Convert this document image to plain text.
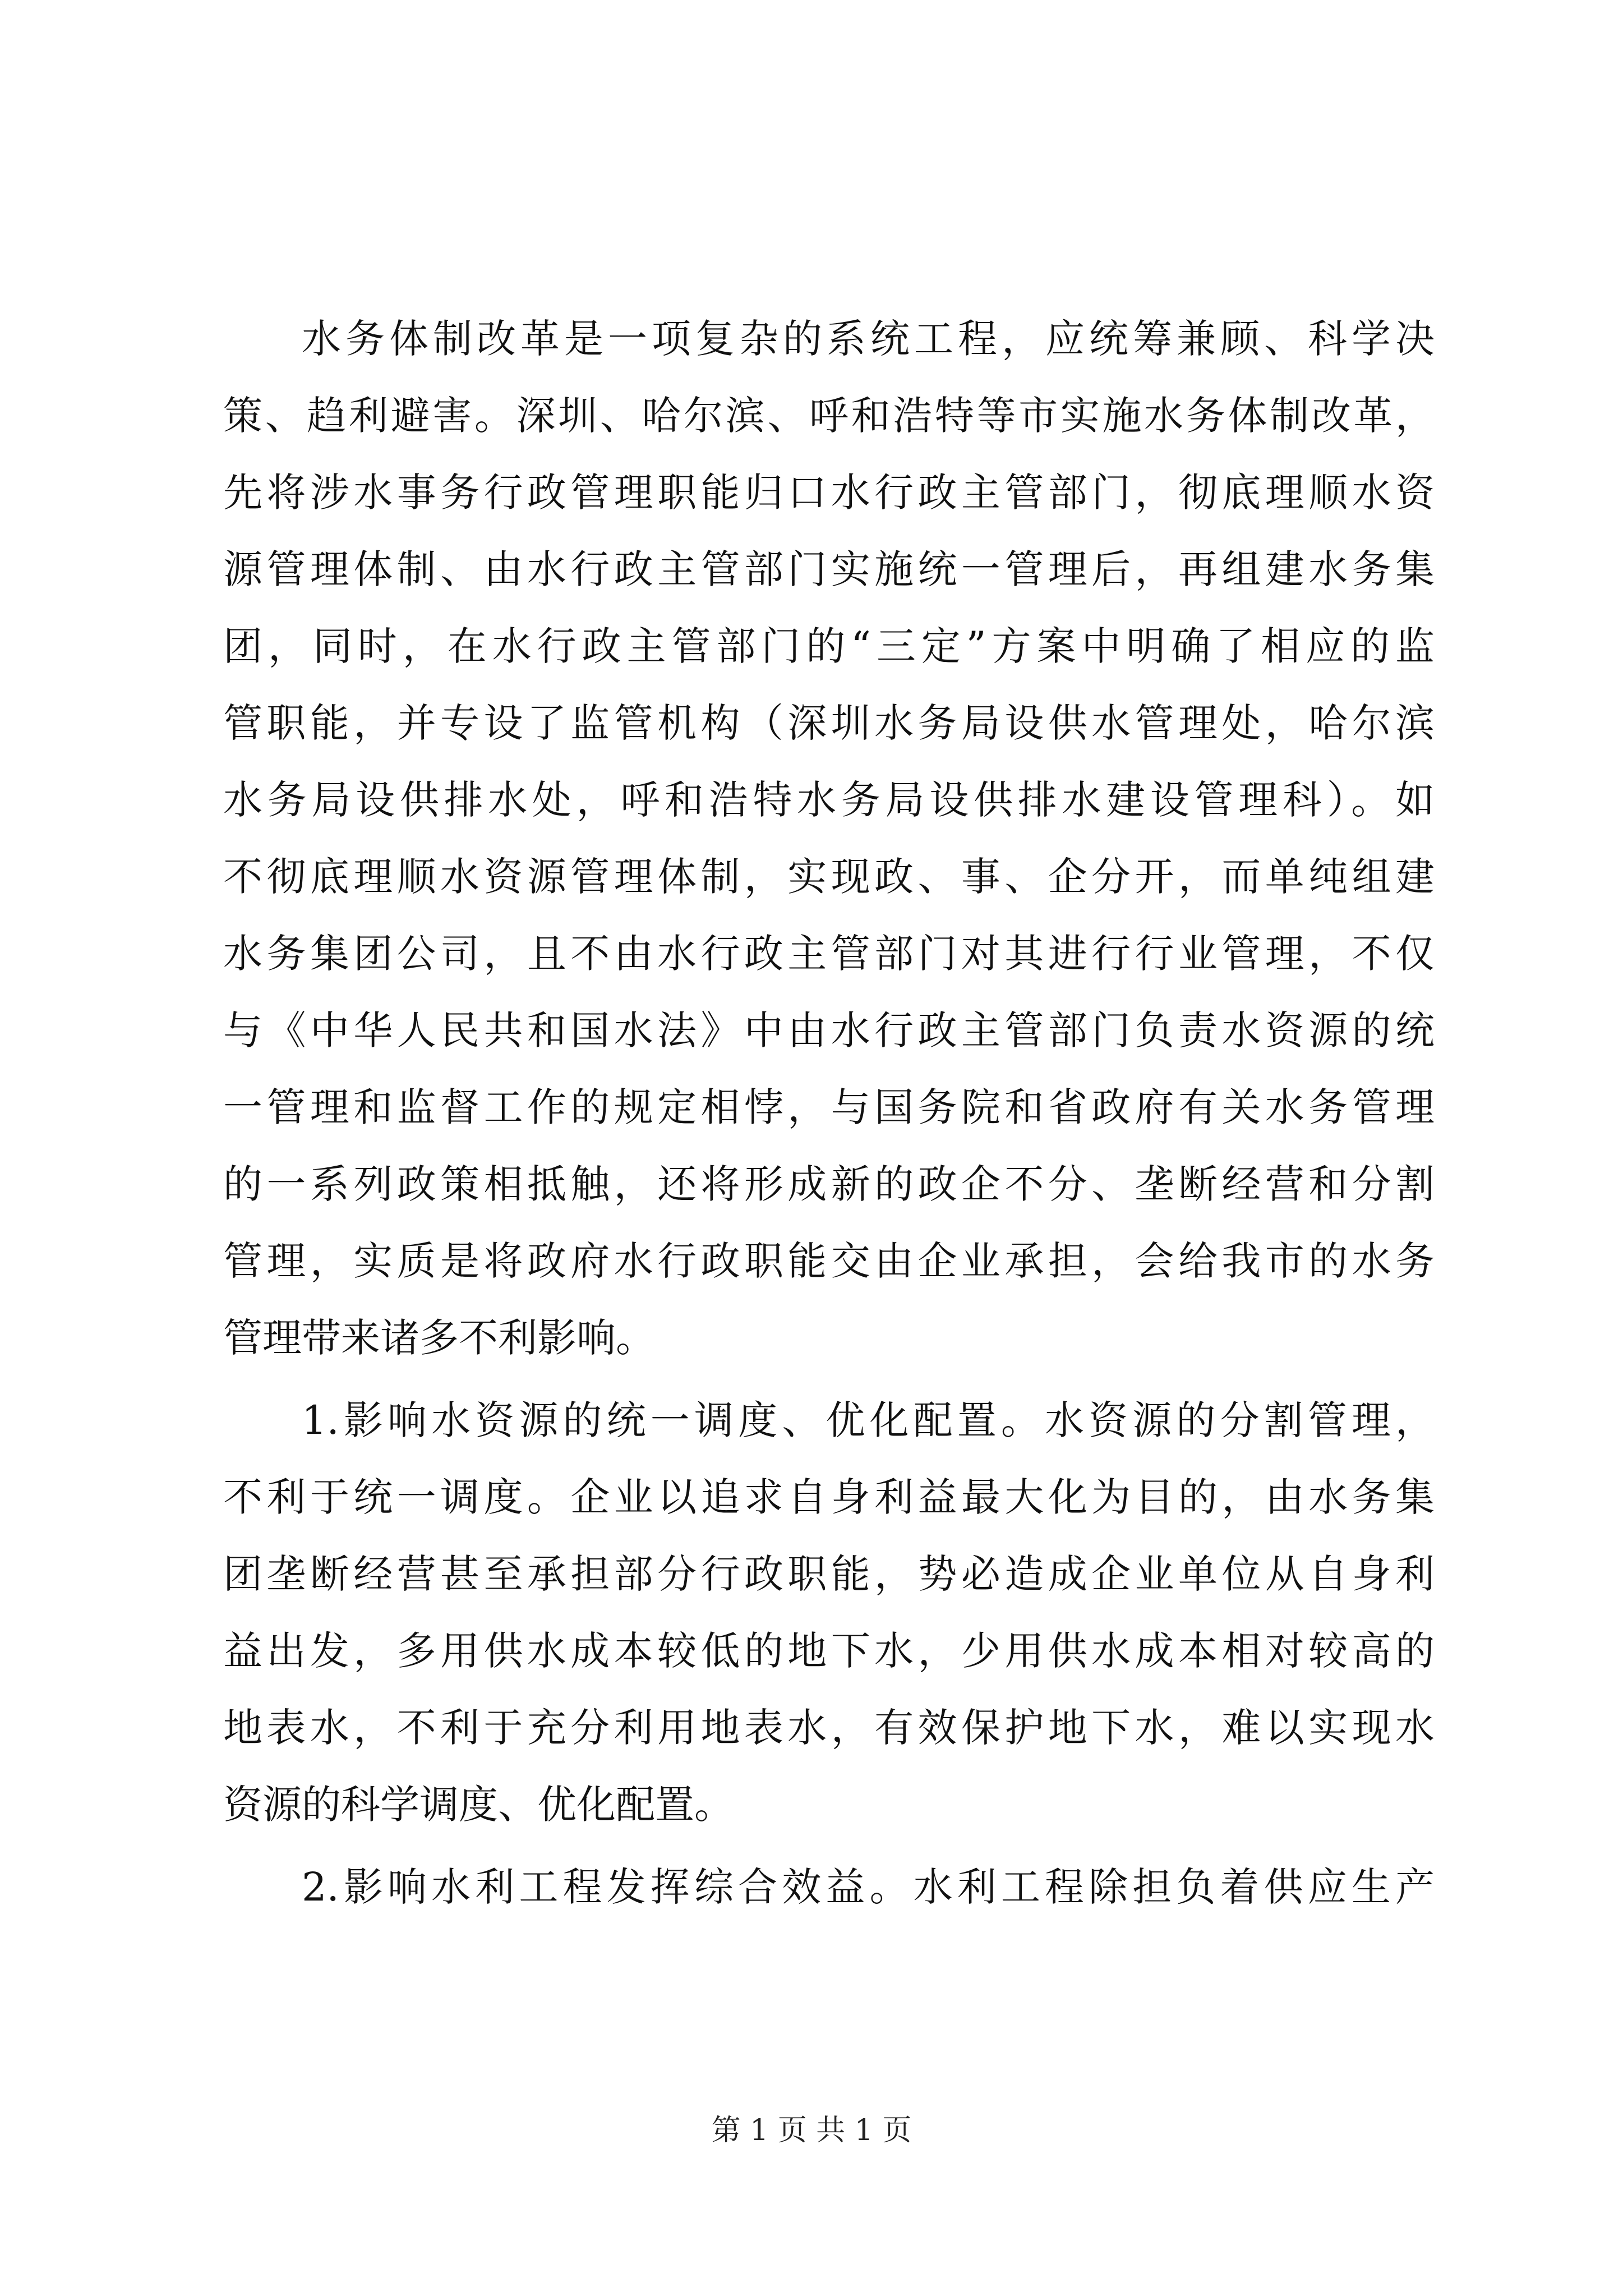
水务体制改革是一项复杂的系统工程，应统筹兼顾、科学决
策、趋利避害。深圳、哈尔滨、呼和浩特等市实施水务体制改革，
先将涉水事务行政管理职能归口水行政主管部门，彻底理顺水资
源管理体制、由水行政主管部门实施统一管理后，再组建水务集
团，同时，在水行政主管部门的“三定”方案中明确了相应的监
管职能，并专设了监管机构（深圳水务局设供水管理处，哈尔滨
水务局设供排水处，呼和浩特水务局设供排水建设管理科）。如
不彻底理顺水资源管理体制，实现政、事、企分开，而单纯组建
水务集团公司，且不由水行政主管部门对其进行行业管理，不仅
与《中华人民共和国水法》中由水行政主管部门负责水资源的统
一管理和监督工作的规定相悖，与国务院和省政府有关水务管理
的一系列政策相抵触，还将形成新的政企不分、垄断经营和分割
管理，实质是将政府水行政职能交由企业承担，会给我市的水务
管理带来诸多不利影响。
1.影响水资源的统一调度、优化配置。水资源的分割管理，
不利于统一调度。企业以追求自身利益最大化为目的，由水务集
团垄断经营甚至承担部分行政职能，势必造成企业单位从自身利
益出发，多用供水成本较低的地下水，少用供水成本相对较高的
地表水，不利于充分利用地表水，有效保护地下水，难以实现水
资源的科学调度、优化配置。
2.影响水利工程发挥综合效益。水利工程除担负着供应生产
第 1 页 共 1 页
